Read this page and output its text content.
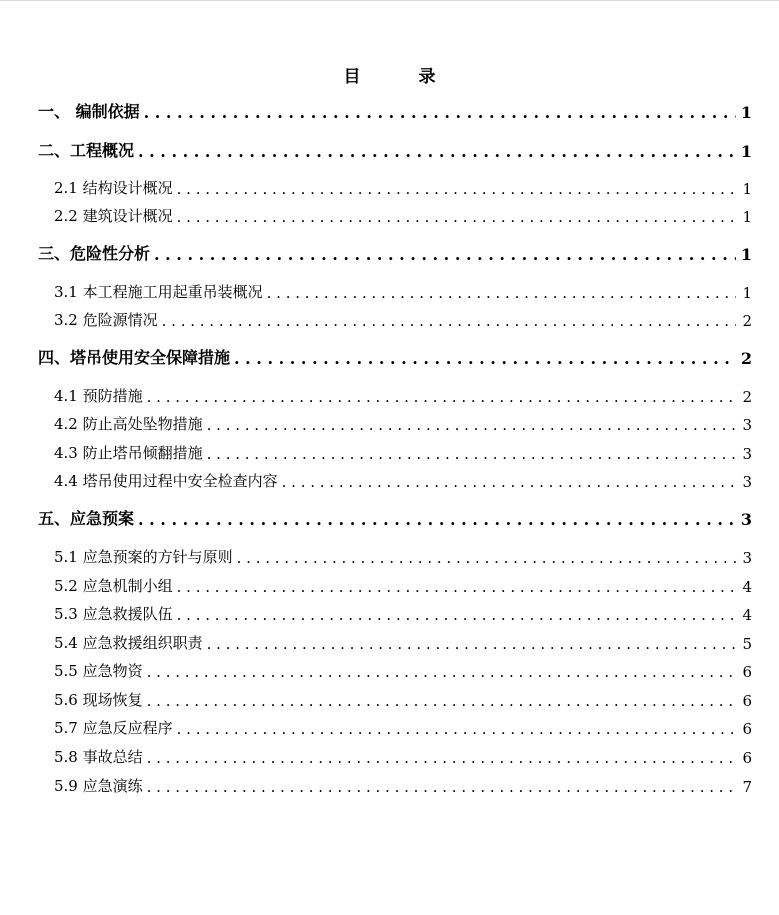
目 录
一、 编制依据 . . .	1
二、工程概况 . . .	1
2.1 结构设计概况 . . .	1
2.2 建筑设计概况 . . .	1
三、危险性分析 . . .	1
3.1 本工程施工用起重吊装概况 . . .	1
3.2 危险源情况 . . .	2
四、塔吊使用安全保障措施 . . .	2
4.1 预防措施 . . .	2
4.2 防止高处坠物措施 . . .	3
4.3 防止塔吊倾翻措施 . . .	3
4.4 塔吊使用过程中安全检查内容 . . .	3
五、应急预案 . . .	3
5.1 应急预案的方针与原则 . . .	3
5.2 应急机制小组 . . .	4
5.3 应急救援队伍 . . .	4
5.4 应急救援组织职责 . . .	5
5.5 应急物资 . . .	6
5.6 现场恢复 . . .	6
5.7 应急反应程序 . . .	6
5.8 事故总结 . . .	6
5.9 应急演练 . . .	7
